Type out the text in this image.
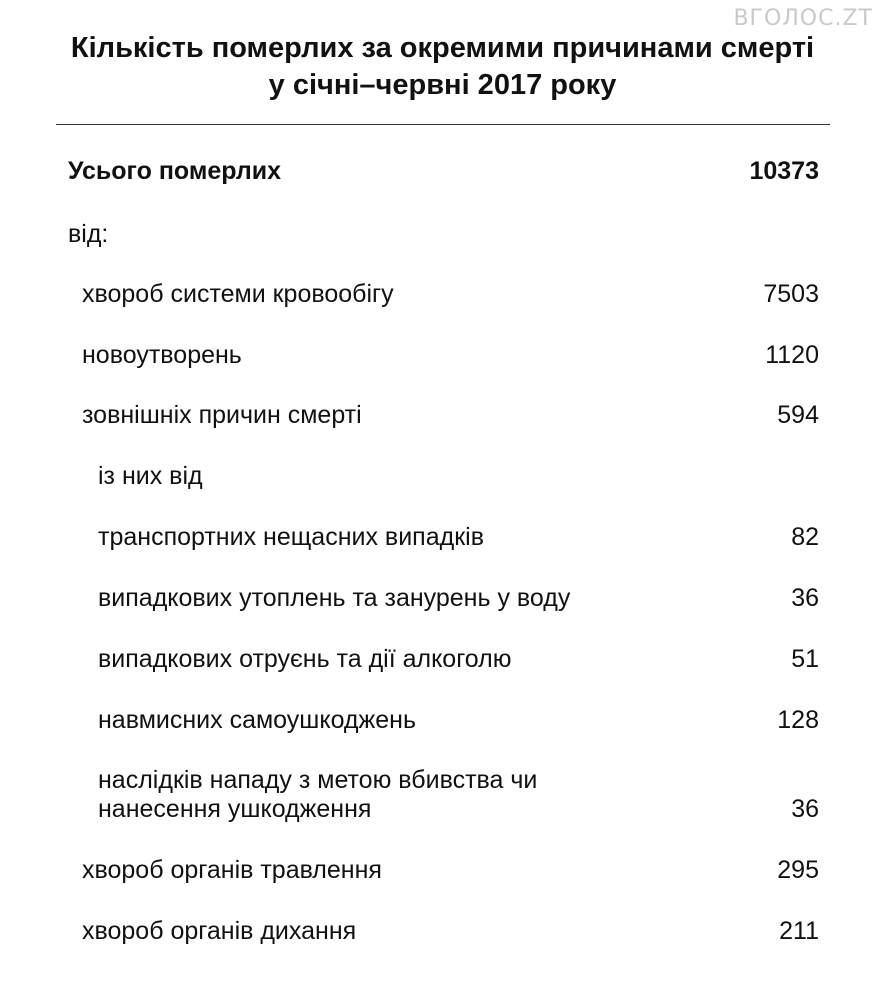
ВГОЛОС.ZT
Кількість померлих за окремими причинами смерті
у січні–червні 2017 року
Усього померлих	10373
від:
хвороб системи кровообігу	7503
новоутворень	1120
зовнішніх причин смерті	594
із них від
транспортних нещасних випадків	82
випадкових утоплень та занурень у воду	36
випадкових отруєнь та дії алкоголю	51
навмисних самоушкоджень	128
наслідків нападу з метою вбивства чи
нанесення ушкодження	36
хвороб органів травлення	295
хвороб органів дихання	211
